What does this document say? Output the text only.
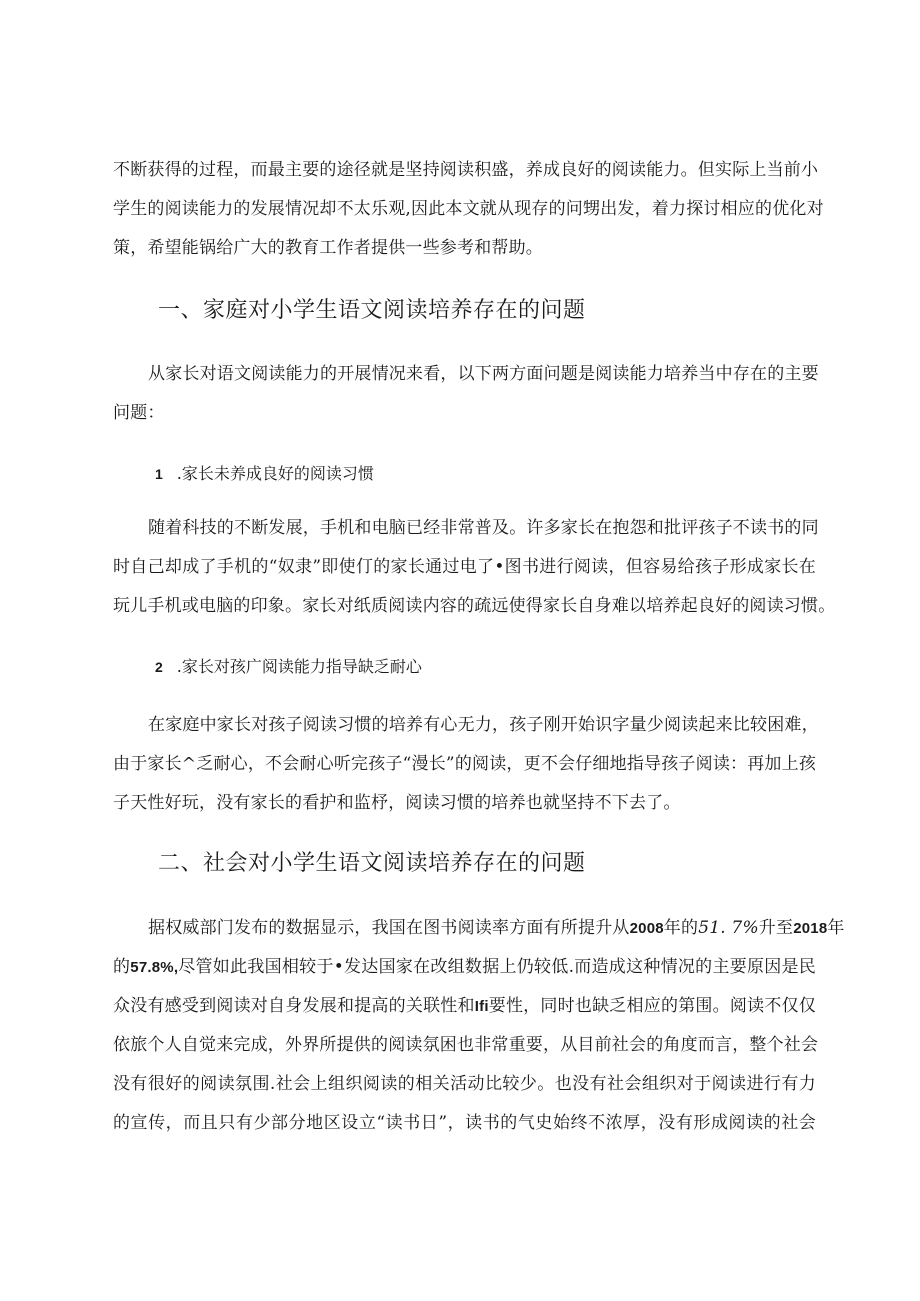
不断获得的过程，而最主要的途径就是坚持阅读积盛，养成良好的阅读能力。但实际上当前小
学生的阅读能力的发展情况却不太乐观,因此本文就从现存的问甥出发，着力探讨相应的优化对
策，希望能锅给广大的教育工作者提供一些参考和帮助。
一、家庭对小学生语文阅读培养存在的问题
从家长对语文阅读能力的开展情况来看，以下两方面问题是阅读能力培养当中存在的主要
问题：
1 .家长未养成良好的阅读习惯
随着科技的不断发展，手机和电脑已经非常普及。许多家长在抱怨和批评孩子不读书的同
时自己却成了手机的“奴隶”即使仃的家长通过电了•图书进行阅读，但容易给孩子形成家长在
玩儿手机或电脑的印象。家长对纸质阅读内容的疏远使得家长自身难以培养起良好的阅读习惯。
2 .家长对孩广阅读能力指导缺乏耐心
在家庭中家长对孩子阅读习惯的培养有心无力，孩子刚开始识字量少阅读起来比较困难，
由于家长^乏耐心，不会耐心听完孩子“漫长”的阅读，更不会仔细地指导孩子阅读：再加上孩
子天性好玩，没有家长的看护和监杼，阅读习惯的培养也就坚持不下去了。
二、社会对小学生语文阅读培养存在的问题
据权威部门发布的数据显示，我国在图书阅读率方面有所提升从2008年的51. 7%升至2018年
的57.8%,尽管如此我国相较于•发达国家在改组数据上仍较低.而造成这种情况的主要原因是民
众没有感受到阅读对自身发展和提高的关联性和Ifi要性，同时也缺乏相应的第围。阅读不仅仅
依旅个人自觉来完成，外界所提供的阅读氛困也非常重要，从目前社会的角度而言，整个社会
没有很好的阅读氛围.社会上组织阅读的相关活动比较少。也没有社会组织对于阅读进行有力
的宣传，而且只有少部分地区设立“读书日”，读书的气史始终不浓厚，没有形成阅读的社会
